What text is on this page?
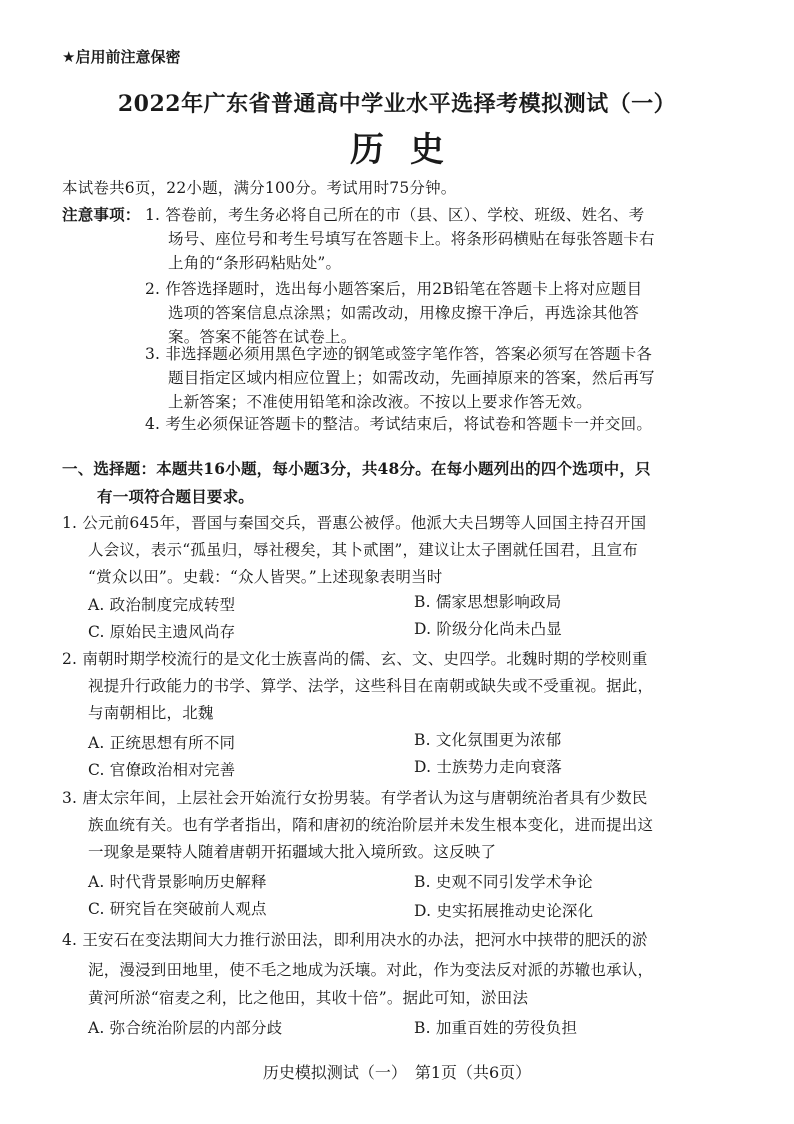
★启用前注意保密
2022年广东省普通高中学业水平选择考模拟测试（一）
历史
本试卷共6页，22小题，满分100分。考试用时75分钟。
注意事项： 1. 答卷前，考生务必将自己所在的市（县、区）、学校、班级、姓名、考
场号、座位号和考生号填写在答题卡上。将条形码横贴在每张答题卡右
上角的“条形码粘贴处”。
2. 作答选择题时，选出每小题答案后，用2B铅笔在答题卡上将对应题目
选项的答案信息点涂黑；如需改动，用橡皮擦干净后，再选涂其他答
案。答案不能答在试卷上。
3. 非选择题必须用黑色字迹的钢笔或签字笔作答，答案必须写在答题卡各
题目指定区域内相应位置上；如需改动，先画掉原来的答案，然后再写
上新答案；不准使用铅笔和涂改液。不按以上要求作答无效。
4. 考生必须保证答题卡的整洁。考试结束后，将试卷和答题卡一并交回。
一、选择题：本题共16小题，每小题3分，共48分。在每小题列出的四个选项中，只
有一项符合题目要求。
1. 公元前645年，晋国与秦国交兵，晋惠公被俘。他派大夫吕甥等人回国主持召开国
人会议，表示“孤虽归，辱社稷矣，其卜贰圉”，建议让太子圉就任国君，且宣布
“赏众以田”。史载：“众人皆哭。”上述现象表明当时
A. 政治制度完成转型	B. 儒家思想影响政局
C. 原始民主遗风尚存	D. 阶级分化尚未凸显
2. 南朝时期学校流行的是文化士族喜尚的儒、玄、文、史四学。北魏时期的学校则重
视提升行政能力的书学、算学、法学，这些科目在南朝或缺失或不受重视。据此，
与南朝相比，北魏
A. 正统思想有所不同	B. 文化氛围更为浓郁
C. 官僚政治相对完善	D. 士族势力走向衰落
3. 唐太宗年间，上层社会开始流行女扮男装。有学者认为这与唐朝统治者具有少数民
族血统有关。也有学者指出，隋和唐初的统治阶层并未发生根本变化，进而提出这
一现象是粟特人随着唐朝开拓疆域大批入境所致。这反映了
A. 时代背景影响历史解释	B. 史观不同引发学术争论
C. 研究旨在突破前人观点	D. 史实拓展推动史论深化
4. 王安石在变法期间大力推行淤田法，即利用决水的办法，把河水中挟带的肥沃的淤
泥，漫浸到田地里，使不毛之地成为沃壤。对此，作为变法反对派的苏辙也承认，
黄河所淤“宿麦之利，比之他田，其收十倍”。据此可知，淤田法
A. 弥合统治阶层的内部分歧	B. 加重百姓的劳役负担
历史模拟测试（一）　第1页（共6页）
